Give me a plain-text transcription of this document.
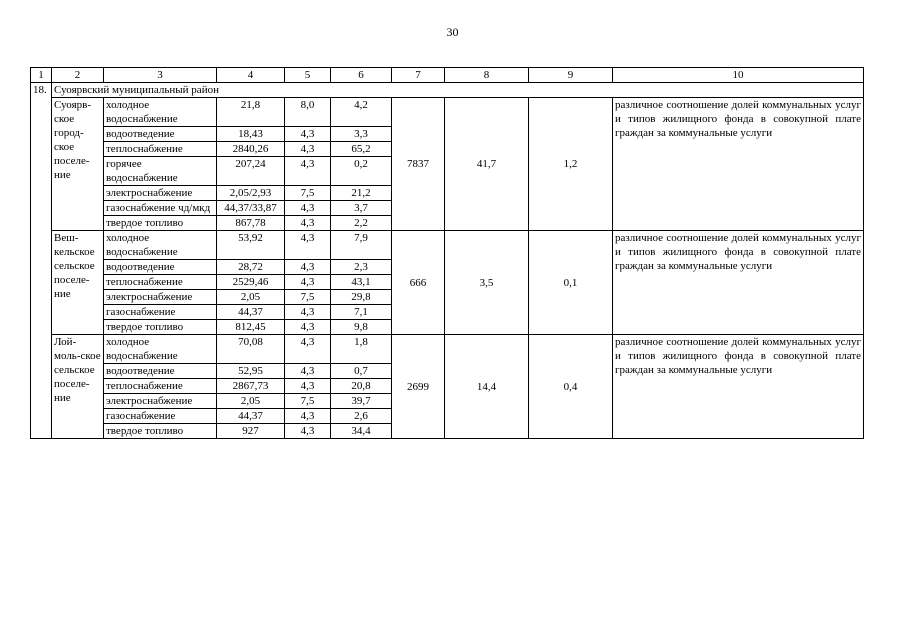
30
1	2	3	4	5	6	7	8	9	10
18.	Суоярвский муниципальный район								
	Суоярв-ское город-ское поселе-ние	холодное водоснабжение	21,8	8,0	4,2	7837	41,7	1,2	различное соотношение долей коммунальных услуг и типов жилищного фонда в совокупной плате граждан за коммунальные услуги
		водоотведение	18,43	4,3	3,3				
		теплоснабжение	2840,26	4,3	65,2				
		горячее водоснабжение	207,24	4,3	0,2				
		электроснабжение	2,05/2,93	7,5	21,2				
		газоснабжение чд/мкд	44,37/33,87	4,3	3,7				
		твердое топливо	867,78	4,3	2,2				
	Веш-кельское сельское поселе-ние	холодное водоснабжение	53,92	4,3	7,9	666	3,5	0,1	различное соотношение долей коммунальных услуг и типов жилищного фонда в совокупной плате граждан за коммунальные услуги
		водоотведение	28,72	4,3	2,3				
		теплоснабжение	2529,46	4,3	43,1				
		электроснабжение	2,05	7,5	29,8				
		газоснабжение	44,37	4,3	7,1				
		твердое топливо	812,45	4,3	9,8				
	Лой-моль-ское сельское поселе-ние	холодное водоснабжение	70,08	4,3	1,8	2699	14,4	0,4	различное соотношение долей коммунальных услуг и типов жилищного фонда в совокупной плате граждан за коммунальные услуги
		водоотведение	52,95	4,3	0,7				
		теплоснабжение	2867,73	4,3	20,8				
		электроснабжение	2,05	7,5	39,7				
		газоснабжение	44,37	4,3	2,6				
		твердое топливо	927	4,3	34,4				
